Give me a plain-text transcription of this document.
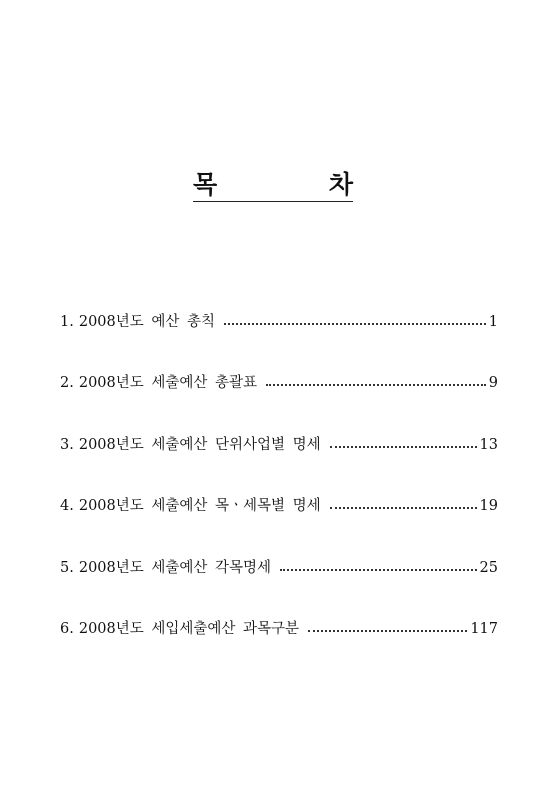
목	차
1. 2008년도 예산 총칙	1
2. 2008년도 세출예산 총괄표	9
3. 2008년도 세출예산 단위사업별 명세	13
4. 2008년도 세출예산 목ㆍ세목별 명세	19
5. 2008년도 세출예산 각목명세	25
6. 2008년도 세입세출예산 과목구분	117
